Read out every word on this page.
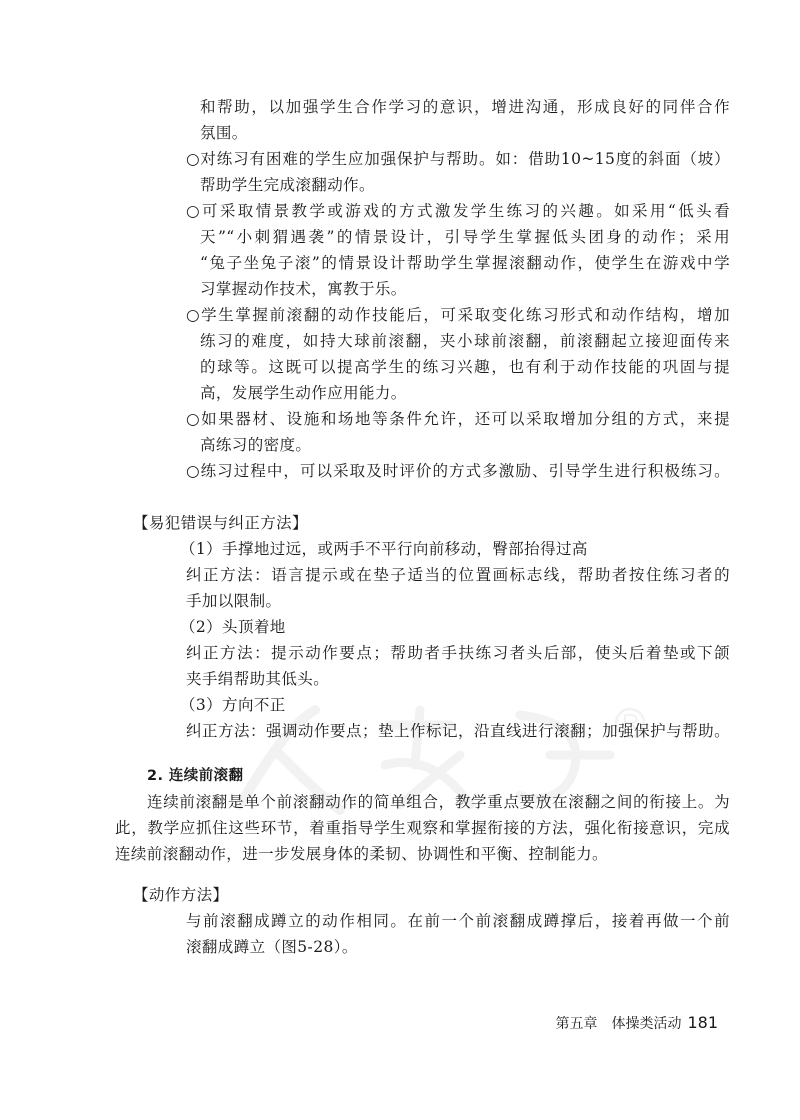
和帮助，以加强学生合作学习的意识，增进沟通，形成良好的同伴合作
氛围。
○对练习有困难的学生应加强保护与帮助。如：借助10~15度的斜面（坡）
帮助学生完成滚翻动作。
○可采取情景教学或游戏的方式激发学生练习的兴趣。如采用“低头看
天”“小刺猬遇袭”的情景设计，引导学生掌握低头团身的动作；采用
“兔子坐兔子滚”的情景设计帮助学生掌握滚翻动作，使学生在游戏中学
习掌握动作技术，寓教于乐。
○学生掌握前滚翻的动作技能后，可采取变化练习形式和动作结构，增加
练习的难度，如持大球前滚翻，夹小球前滚翻，前滚翻起立接迎面传来
的球等。这既可以提高学生的练习兴趣，也有利于动作技能的巩固与提
高，发展学生动作应用能力。
○如果器材、设施和场地等条件允许，还可以采取增加分组的方式，来提
高练习的密度。
○练习过程中，可以采取及时评价的方式多激励、引导学生进行积极练习。
【易犯错误与纠正方法】
（1）手撑地过远，或两手不平行向前移动，臀部抬得过高
纠正方法：语言提示或在垫子适当的位置画标志线，帮助者按住练习者的
手加以限制。
（2）头顶着地
纠正方法：提示动作要点；帮助者手扶练习者头后部，使头后着垫或下颌
夹手绢帮助其低头。
（3）方向不正
纠正方法：强调动作要点；垫上作标记，沿直线进行滚翻；加强保护与帮助。
2. 连续前滚翻
连续前滚翻是单个前滚翻动作的简单组合，教学重点要放在滚翻之间的衔接上。为
此，教学应抓住这些环节，着重指导学生观察和掌握衔接的方法，强化衔接意识，完成
连续前滚翻动作，进一步发展身体的柔韧、协调性和平衡、控制能力。
【动作方法】
与前滚翻成蹲立的动作相同。在前一个前滚翻成蹲撑后，接着再做一个前
滚翻成蹲立（图5-28）。
第五章　体操类活动 181
